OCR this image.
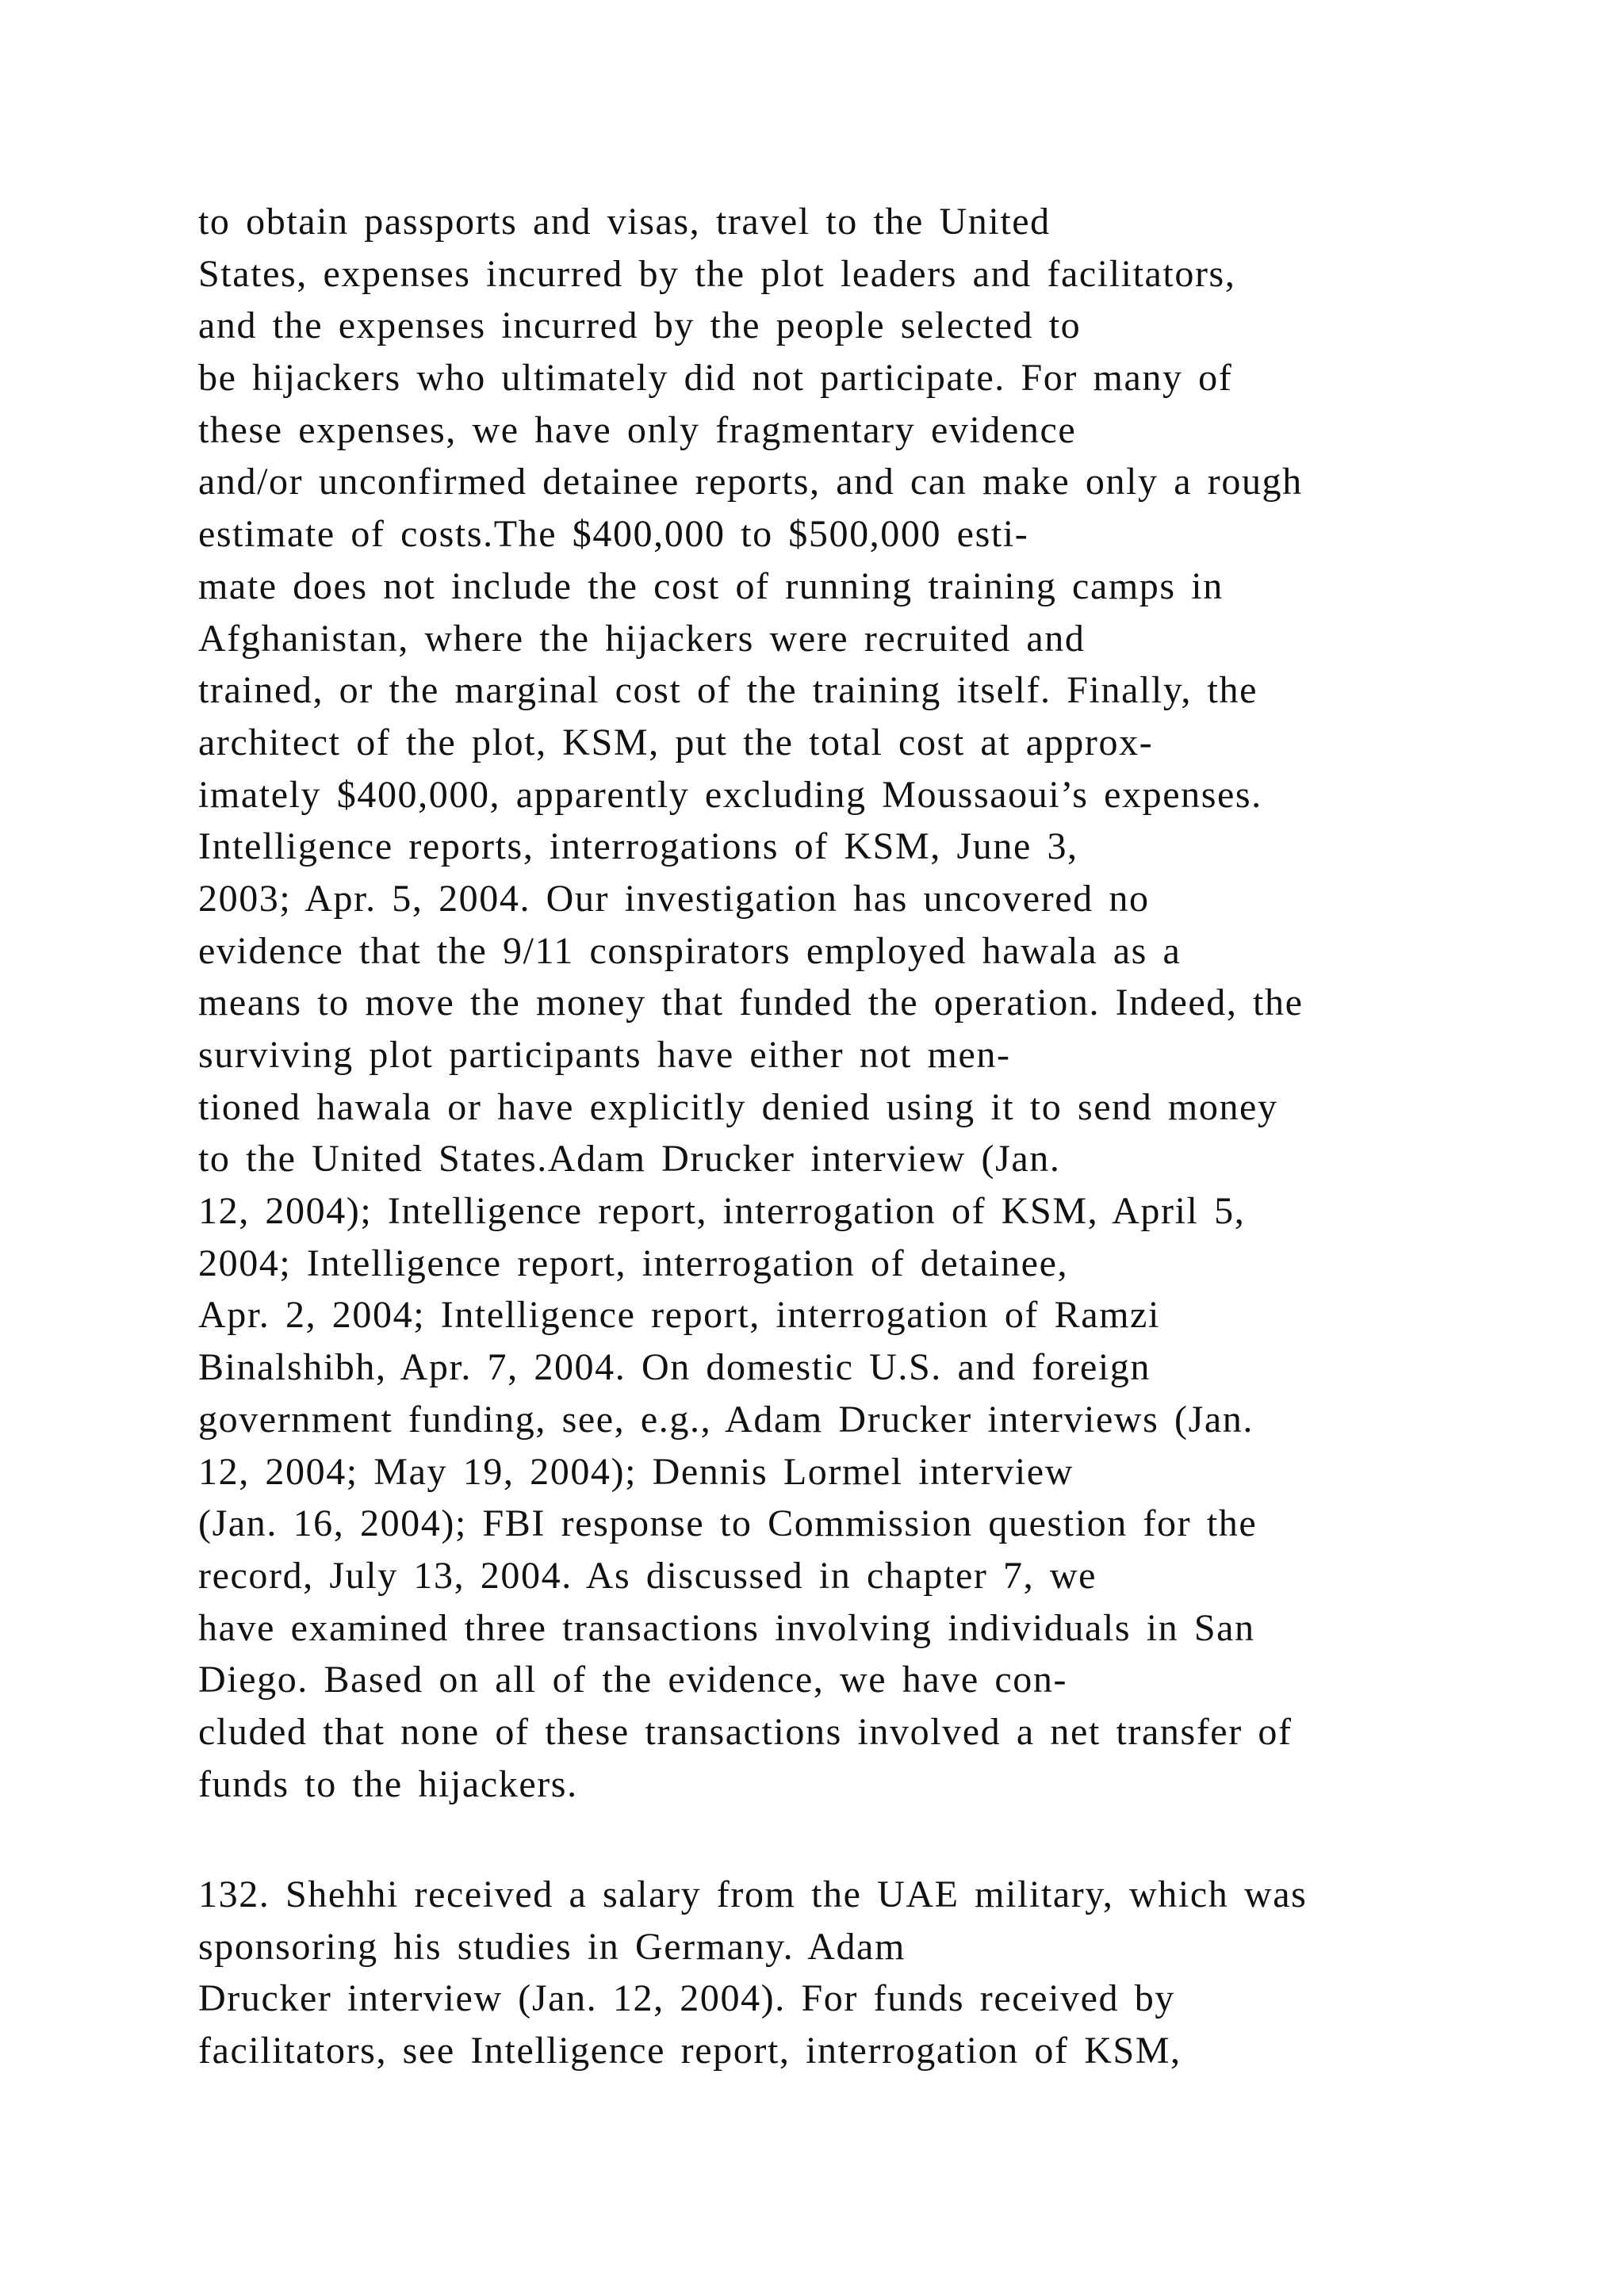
to obtain passports and visas, travel to the United
States, expenses incurred by the plot leaders and facilitators,
and the expenses incurred by the people selected to
be hijackers who ultimately did not participate. For many of
these expenses, we have only fragmentary evidence
and/or unconfirmed detainee reports, and can make only a rough
estimate of costs.The $400,000 to $500,000 esti-
mate does not include the cost of running training camps in
Afghanistan, where the hijackers were recruited and
trained, or the marginal cost of the training itself. Finally, the
architect of the plot, KSM, put the total cost at approx-
imately $400,000, apparently excluding Moussaoui’s expenses.
Intelligence reports, interrogations of KSM, June 3,
2003; Apr. 5, 2004. Our investigation has uncovered no
evidence that the 9/11 conspirators employed hawala as a
means to move the money that funded the operation. Indeed, the
surviving plot participants have either not men-
tioned hawala or have explicitly denied using it to send money
to the United States.Adam Drucker interview (Jan.
12, 2004); Intelligence report, interrogation of KSM, April 5,
2004; Intelligence report, interrogation of detainee,
Apr. 2, 2004; Intelligence report, interrogation of Ramzi
Binalshibh, Apr. 7, 2004. On domestic U.S. and foreign
government funding, see, e.g., Adam Drucker interviews (Jan.
12, 2004; May 19, 2004); Dennis Lormel interview
(Jan. 16, 2004); FBI response to Commission question for the
record, July 13, 2004. As discussed in chapter 7, we
have examined three transactions involving individuals in San
Diego. Based on all of the evidence, we have con-
cluded that none of these transactions involved a net transfer of
funds to the hijackers.
132. Shehhi received a salary from the UAE military, which was
sponsoring his studies in Germany. Adam
Drucker interview (Jan. 12, 2004). For funds received by
facilitators, see Intelligence report, interrogation of KSM,
